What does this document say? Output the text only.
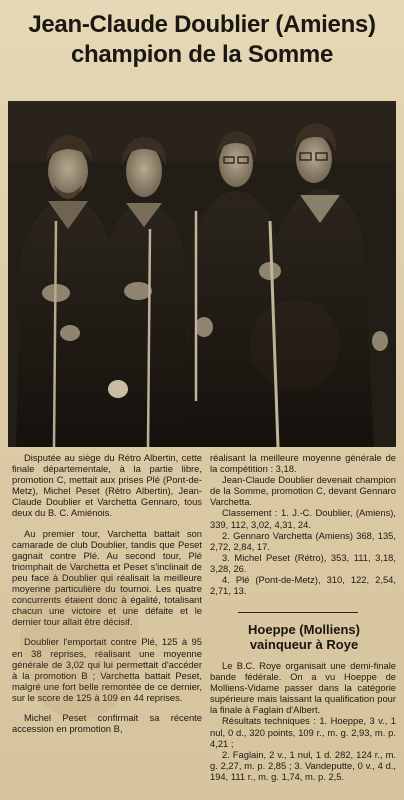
Jean-Claude Doublier (Amiens)
champion de la Somme

Disputée au siège du Rétro Albertin, cette finale départementale, à la partie libre, promotion C, mettait aux prises Plé (Pont-de-Metz), Michel Peset (Rétro Albertin), Jean-Claude Doublier et Varchetta Gennaro, tous deux du B. C. Amiénois.

Au premier tour, Varchetta battait son camarade de club Doublier, tandis que Peset gagnait contre Plé. Au second tour, Plé triomphait de Varchetta et Peset s'inclinait de peu face à Doublier qui réalisait la meilleure moyenne particulière du tournoi. Les quatre concurrents étaient donc à égalité, totalisant chacun une victoire et une défaite et le dernier tour allait être décisif.

Doublier l'emportait contre Plé, 125 à 95 en 38 reprises, réalisant une moyenne générale de 3,02 qui lui permettait d'accéder à la promotion B ; Varchetta battait Peset, malgré une fort belle remontée de ce dernier, sur le score de 125 à 109 en 44 reprises.

Michel Peset confirmait sa récente accession en promotion B,

réalisant la meilleure moyenne générale de la compétition : 3,18.

Jean-Claude Doublier devenait champion de la Somme, promotion C, devant Gennaro Varchetta.

Classement : 1. J.-C. Doublier, (Amiens), 339, 112, 3,02, 4,31, 24.

2. Gennaro Varchetta (Amiens) 368, 135, 2,72, 2,84, 17.

3. Michel Peset (Rétro), 353, 111, 3,18, 3,28, 26.

4. Plé (Pont-de-Metz), 310, 122, 2,54, 2,71, 13.

Hoeppe (Molliens)
vainqueur à Roye

Le B.C. Roye organisait une demi-finale bande fédérale. On a vu Hoeppe de Molliens-Vidame passer dans la catégorie supérieure mais laissant la qualification pour la finale à Faglain d'Albert.

Résultats techniques : 1. Hoeppe, 3 v., 1 nul, 0 d., 320 points, 109 r., m. g. 2,93, m. p. 4,21 ;

2. Faglain, 2 v., 1 nul, 1 d. 282, 124 r., m. g. 2,27, m. p. 2,85 ; 3. Vandeputte, 0 v., 4 d., 194, 111 r., m. g. 1,74, m. p. 2,5.
